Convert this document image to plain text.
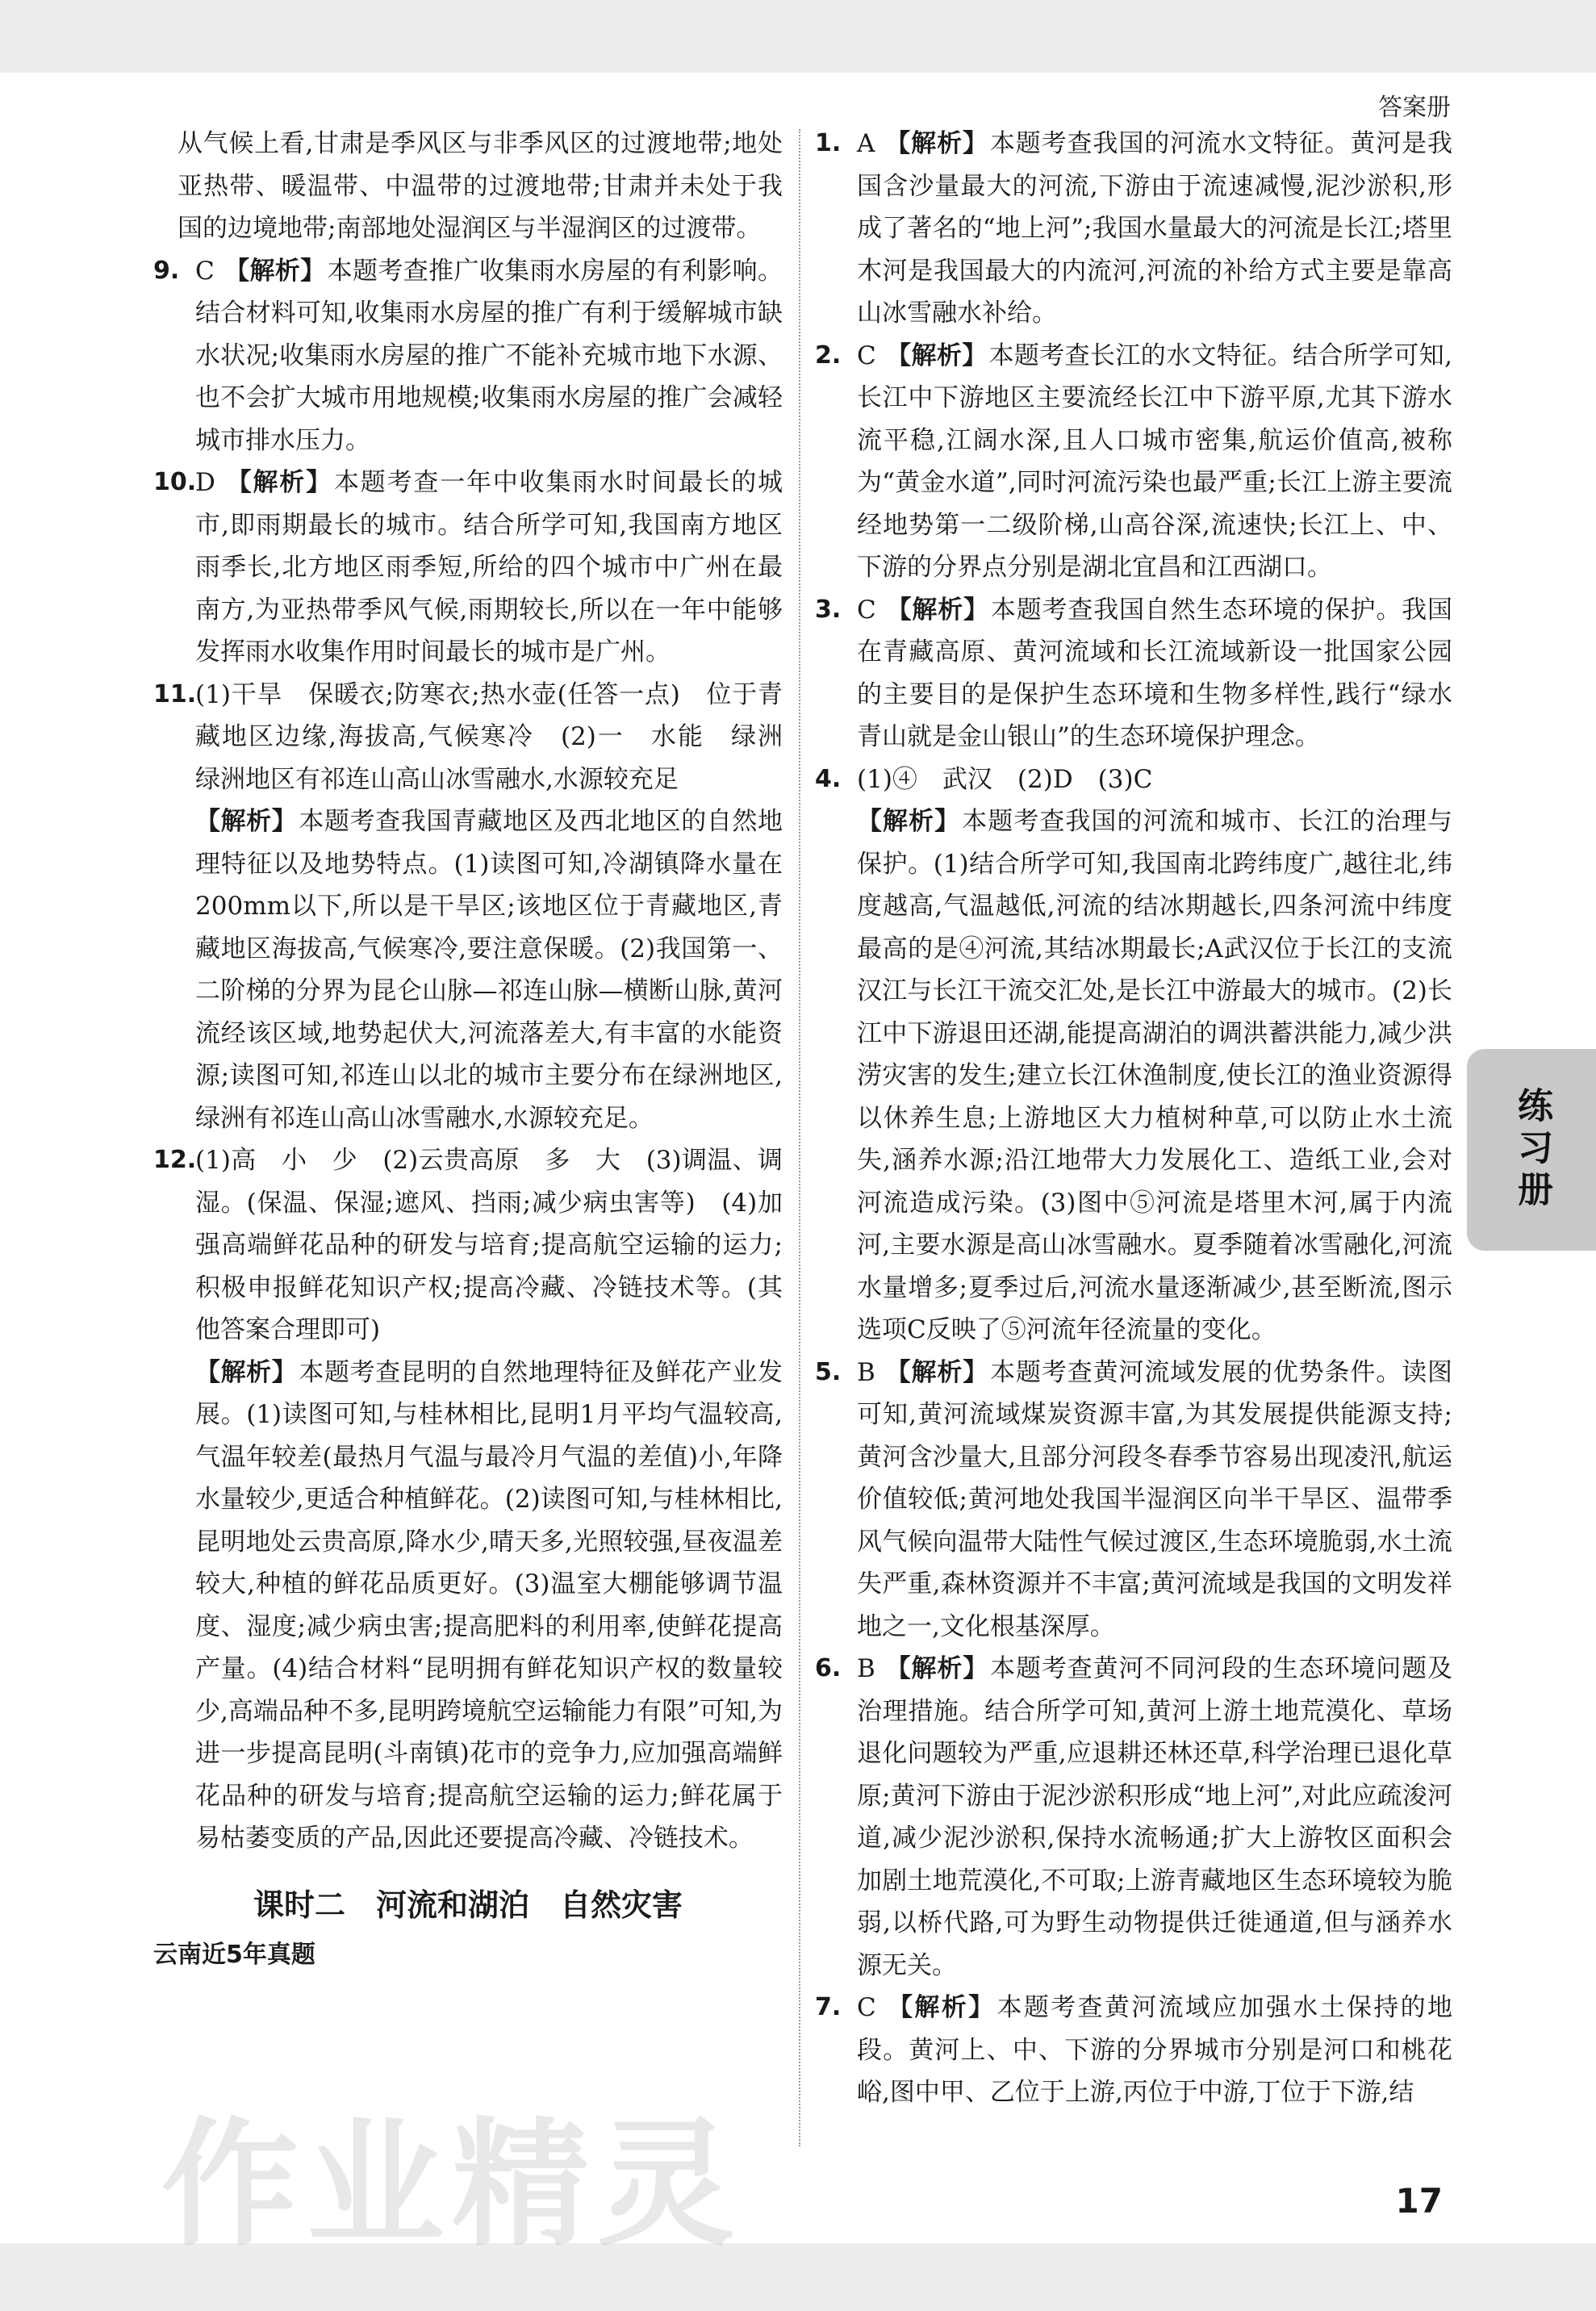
答案册

从气候上看,甘肃是季风区与非季风区的过渡地带;地处亚热带、暖温带、中温带的过渡地带;甘肃并未处于我国的边境地带;南部地处湿润区与半湿润区的过渡带。

9. C 【解析】本题考查推广收集雨水房屋的有利影响。结合材料可知,收集雨水房屋的推广有利于缓解城市缺水状况;收集雨水房屋的推广不能补充城市地下水源、也不会扩大城市用地规模;收集雨水房屋的推广会减轻城市排水压力。

10.
D 【解析】本题考查一年中收集雨水时间最长的城市,即雨期最长的城市。结合所学可知,我国南方地区雨季长,北方地区雨季短,所给的四个城市中广州在最南方,为亚热带季风气候,雨期较长,所以在一年中能够发挥雨水收集作用时间最长的城市是广州。

11.
(1)干旱　保暖衣;防寒衣;热水壶(任答一点)　位于青藏地区边缘,海拔高,气候寒冷　(2)一　水能　绿洲　绿洲地区有祁连山高山冰雪融水,水源较充足
【解析】本题考查我国青藏地区及西北地区的自然地理特征以及地势特点。(1)读图可知,冷湖镇降水量在200mm以下,所以是干旱区;该地区位于青藏地区,青藏地区海拔高,气候寒冷,要注意保暖。(2)我国第一、二阶梯的分界为昆仑山脉—祁连山脉—横断山脉,黄河流经该区域,地势起伏大,河流落差大,有丰富的水能资源;读图可知,祁连山以北的城市主要分布在绿洲地区,绿洲有祁连山高山冰雪融水,水源较充足。
12.
(1)高　小　少　(2)云贵高原　多　大　(3)调温、调湿。(保温、保湿;遮风、挡雨;减少病虫害等)　(4)加强高端鲜花品种的研发与培育;提高航空运输的运力;积极申报鲜花知识产权;提高冷藏、冷链技术等。(其他答案合理即可)
【解析】本题考查昆明的自然地理特征及鲜花产业发展。(1)读图可知,与桂林相比,昆明1月平均气温较高,气温年较差(最热月气温与最冷月气温的差值)小,年降水量较少,更适合种植鲜花。(2)读图可知,与桂林相比,昆明地处云贵高原,降水少,晴天多,光照较强,昼夜温差较大,种植的鲜花品质更好。(3)温室大棚能够调节温度、湿度;减少病虫害;提高肥料的利用率,使鲜花提高产量。(4)结合材料“昆明拥有鲜花知识产权的数量较少,高端品种不多,昆明跨境航空运输能力有限”可知,为进一步提高昆明(斗南镇)花市的竞争力,应加强高端鲜花品种的研发与培育;提高航空运输的运力;鲜花属于易枯萎变质的产品,因此还要提高冷藏、冷链技术。
课时二　河流和湖泊　自然灾害
云南近5年真题

1. A 【解析】本题考查我国的河流水文特征。黄河是我国含沙量最大的河流,下游由于流速减慢,泥沙淤积,形成了著名的“地上河”;我国水量最大的河流是长江;塔里木河是我国最大的内流河,河流的补给方式主要是靠高山冰雪融水补给。

2. C 【解析】本题考查长江的水文特征。结合所学可知,长江中下游地区主要流经长江中下游平原,尤其下游水流平稳,江阔水深,且人口城市密集,航运价值高,被称为“黄金水道”,同时河流污染也最严重;长江上游主要流经地势第一二级阶梯,山高谷深,流速快;长江上、中、下游的分界点分别是湖北宜昌和江西湖口。

3. C 【解析】本题考查我国自然生态环境的保护。我国在青藏高原、黄河流域和长江流域新设一批国家公园的主要目的是保护生态环境和生物多样性,践行“绿水青山就是金山银山”的生态环境保护理念。

4. (1)④　武汉　(2)D　(3)C
【解析】本题考查我国的河流和城市、长江的治理与保护。(1)结合所学可知,我国南北跨纬度广,越往北,纬度越高,气温越低,河流的结冰期越长,四条河流中纬度最高的是④河流,其结冰期最长;A武汉位于长江的支流汉江与长江干流交汇处,是长江中游最大的城市。(2)长江中下游退田还湖,能提高湖泊的调洪蓄洪能力,减少洪涝灾害的发生;建立长江休渔制度,使长江的渔业资源得以休养生息;上游地区大力植树种草,可以防止水土流失,涵养水源;沿江地带大力发展化工、造纸工业,会对河流造成污染。(3)图中⑤河流是塔里木河,属于内流河,主要水源是高山冰雪融水。夏季随着冰雪融化,河流水量增多;夏季过后,河流水量逐渐减少,甚至断流,图示选项C反映了⑤河流年径流量的变化。

5. B 【解析】本题考查黄河流域发展的优势条件。读图可知,黄河流域煤炭资源丰富,为其发展提供能源支持;黄河含沙量大,且部分河段冬春季节容易出现凌汛,航运价值较低;黄河地处我国半湿润区向半干旱区、温带季风气候向温带大陆性气候过渡区,生态环境脆弱,水土流失严重,森林资源并不丰富;黄河流域是我国的文明发祥地之一,文化根基深厚。

6. B 【解析】本题考查黄河不同河段的生态环境问题及治理措施。结合所学可知,黄河上游土地荒漠化、草场退化问题较为严重,应退耕还林还草,科学治理已退化草原;黄河下游由于泥沙淤积形成“地上河”,对此应疏浚河道,减少泥沙淤积,保持水流畅通;扩大上游牧区面积会加剧土地荒漠化,不可取;上游青藏地区生态环境较为脆弱,以桥代路,可为野生动物提供迁徙通道,但与涵养水源无关。

7. C 【解析】本题考查黄河流域应加强水土保持的地段。黄河上、中、下游的分界城市分别是河口和桃花峪,图中甲、乙位于上游,丙位于中游,丁位于下游,结

练习册
作业精灵	17
